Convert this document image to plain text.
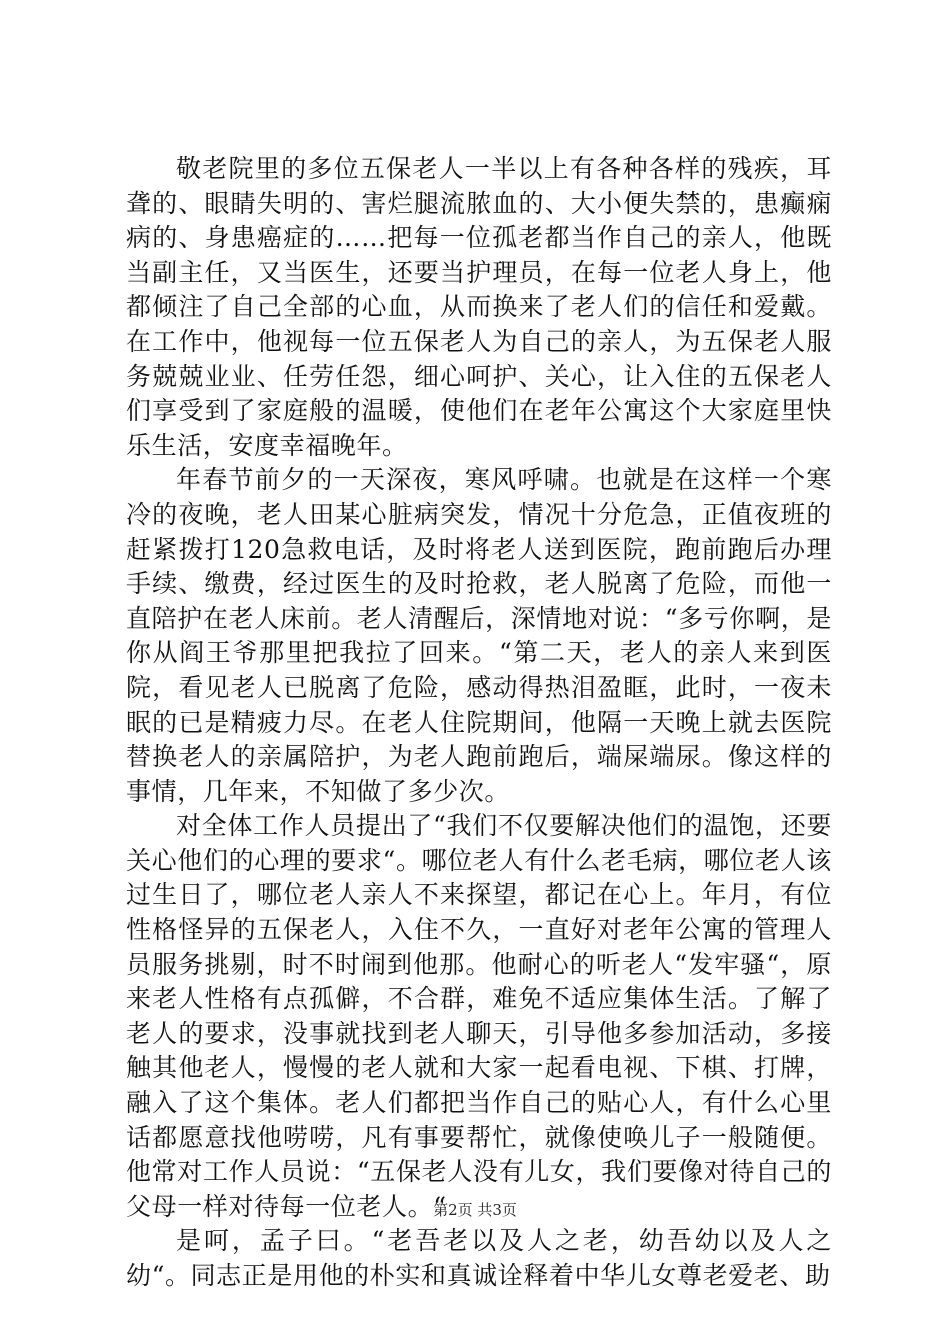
敬老院里的多位五保老人一半以上有各种各样的残疾，耳聋的、眼睛失明的、害烂腿流脓血的、大小便失禁的，患癫痫病的、身患癌症的……把每一位孤老都当作自己的亲人，他既当副主任，又当医生，还要当护理员，在每一位老人身上，他都倾注了自己全部的心血，从而换来了老人们的信任和爱戴。在工作中，他视每一位五保老人为自己的亲人，为五保老人服务兢兢业业、任劳任怨，细心呵护、关心，让入住的五保老人们享受到了家庭般的温暖，使他们在老年公寓这个大家庭里快乐生活，安度幸福晚年。

年春节前夕的一天深夜，寒风呼啸。也就是在这样一个寒冷的夜晚，老人田某心脏病突发，情况十分危急，正值夜班的赶紧拨打120急救电话，及时将老人送到医院，跑前跑后办理手续、缴费，经过医生的及时抢救，老人脱离了危险，而他一直陪护在老人床前。老人清醒后，深情地对说：“多亏你啊，是你从阎王爷那里把我拉了回来。“第二天，老人的亲人来到医院，看见老人已脱离了危险，感动得热泪盈眶，此时，一夜未眠的已是精疲力尽。在老人住院期间，他隔一天晚上就去医院替换老人的亲属陪护，为老人跑前跑后，端屎端尿。像这样的事情，几年来，不知做了多少次。

对全体工作人员提出了“我们不仅要解决他们的温饱，还要关心他们的心理的要求“。哪位老人有什么老毛病，哪位老人该过生日了，哪位老人亲人不来探望，都记在心上。年月，有位性格怪异的五保老人，入住不久，一直好对老年公寓的管理人员服务挑剔，时不时闹到他那。他耐心的听老人“发牢骚“，原来老人性格有点孤僻，不合群，难免不适应集体生活。了解了老人的要求，没事就找到老人聊天，引导他多参加活动，多接触其他老人，慢慢的老人就和大家一起看电视、下棋、打牌，融入了这个集体。老人们都把当作自己的贴心人，有什么心里话都愿意找他唠唠，凡有事要帮忙，就像使唤儿子一般随便。他常对工作人员说：“五保老人没有儿女，我们要像对待自己的父母一样对待每一位老人。“

是呵，孟子曰。“老吾老以及人之老，幼吾幼以及人之幼“。同志正是用他的朴实和真诚诠释着中华儿女尊老爱老、助

第2页 共3页
